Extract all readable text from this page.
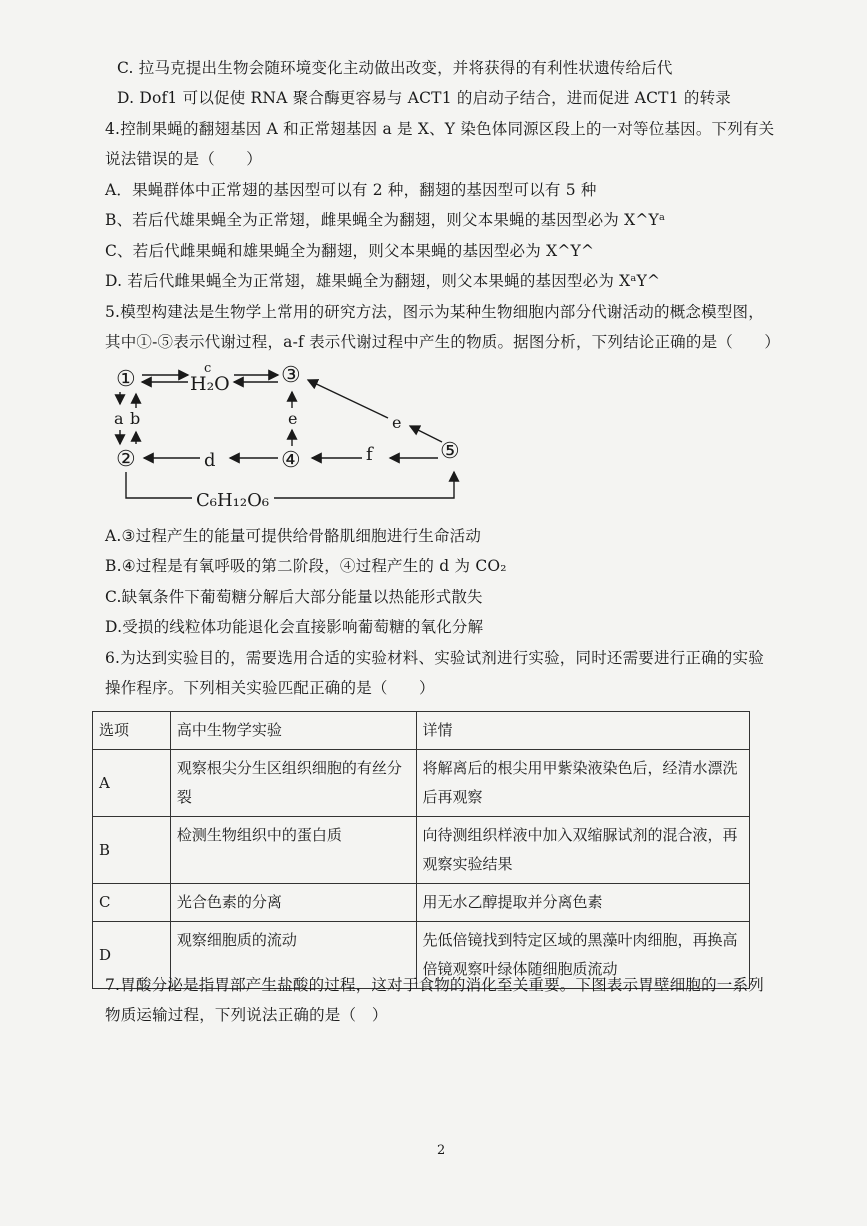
C. 拉马克提出生物会随环境变化主动做出改变，并将获得的有利性状遗传给后代
D. Dof1 可以促使 RNA 聚合酶更容易与 ACT1 的启动子结合，进而促进 ACT1 的转录
4.控制果蝇的翻翅基因 A 和正常翅基因 a 是 X、Y 染色体同源区段上的一对等位基因。下列有关
说法错误的是（　　）
A．果蝇群体中正常翅的基因型可以有 2 种，翻翅的基因型可以有 5 种
B、若后代雄果蝇全为正常翅，雌果蝇全为翻翅，则父本果蝇的基因型必为 X^Yᵃ
C、若后代雌果蝇和雄果蝇全为翻翅，则父本果蝇的基因型必为 X^Y^
D. 若后代雌果蝇全为正常翅，雄果蝇全为翻翅，则父本果蝇的基因型必为 XᵃY^
5.模型构建法是生物学上常用的研究方法，图示为某种生物细胞内部分代谢活动的概念模型图，
其中①-⑤表示代谢过程，a-f 表示代谢过程中产生的物质。据图分析，下列结论正确的是（　　）
①
②
③
④	⑤
H₂O
c
a b
d
e	e
f
C₆H₁₂O₆
A.③过程产生的能量可提供给骨骼肌细胞进行生命活动
B.④过程是有氧呼吸的第二阶段，④过程产生的 d 为 CO₂
C.缺氧条件下葡萄糖分解后大部分能量以热能形式散失
D.受损的线粒体功能退化会直接影响葡萄糖的氧化分解
6.为达到实验目的，需要选用合适的实验材料、实验试剂进行实验，同时还需要进行正确的实验
操作程序。下列相关实验匹配正确的是（　　）
选项	高中生物学实验	详情
A	观察根尖分生区组织细胞的有丝分裂	将解离后的根尖用甲紫染液染色后，经清水漂洗后再观察
B	检测生物组织中的蛋白质	向待测组织样液中加入双缩脲试剂的混合液，再观察实验结果
C	光合色素的分离	用无水乙醇提取并分离色素
D	观察细胞质的流动	先低倍镜找到特定区域的黑藻叶肉细胞，再换高倍镜观察叶绿体随细胞质流动
7.胃酸分泌是指胃部产生盐酸的过程，这对于食物的消化至关重要。下图表示胃壁细胞的一系列
物质运输过程，下列说法正确的是（　）
2
